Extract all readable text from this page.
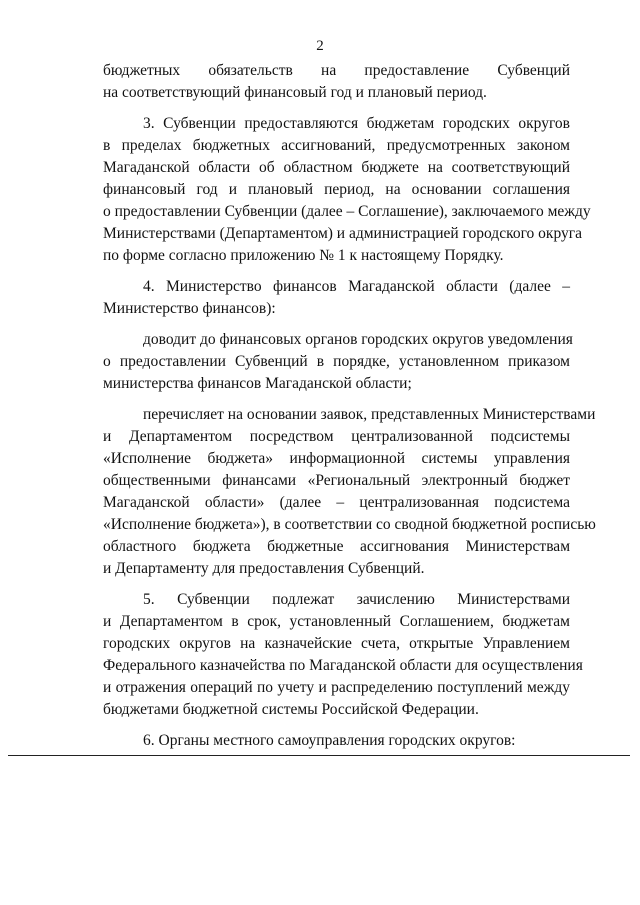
2
бюджетных обязательств на предоставление Субвенций
на соответствующий финансовый год и плановый период.
3. Субвенции предоставляются бюджетам городских округов
в пределах бюджетных ассигнований, предусмотренных законом
Магаданской области об областном бюджете на соответствующий
финансовый год и плановый период, на основании соглашения
о предоставлении Субвенции (далее – Соглашение), заключаемого между
Министерствами (Департаментом) и администрацией городского округа
по форме согласно приложению № 1 к настоящему Порядку.
4. Министерство финансов Магаданской области (далее –
Министерство финансов):
доводит до финансовых органов городских округов уведомления
о предоставлении Субвенций в порядке, установленном приказом
министерства финансов Магаданской области;
перечисляет на основании заявок, представленных Министерствами
и Департаментом посредством централизованной подсистемы
«Исполнение бюджета» информационной системы управления
общественными финансами «Региональный электронный бюджет
Магаданской области» (далее – централизованная подсистема
«Исполнение бюджета»), в соответствии со сводной бюджетной росписью
областного бюджета бюджетные ассигнования Министерствам
и Департаменту для предоставления Субвенций.
5. Субвенции подлежат зачислению Министерствами
и Департаментом в срок, установленный Соглашением, бюджетам
городских округов на казначейские счета, открытые Управлением
Федерального казначейства по Магаданской области для осуществления
и отражения операций по учету и распределению поступлений между
бюджетами бюджетной системы Российской Федерации.
6. Органы местного самоуправления городских округов:
